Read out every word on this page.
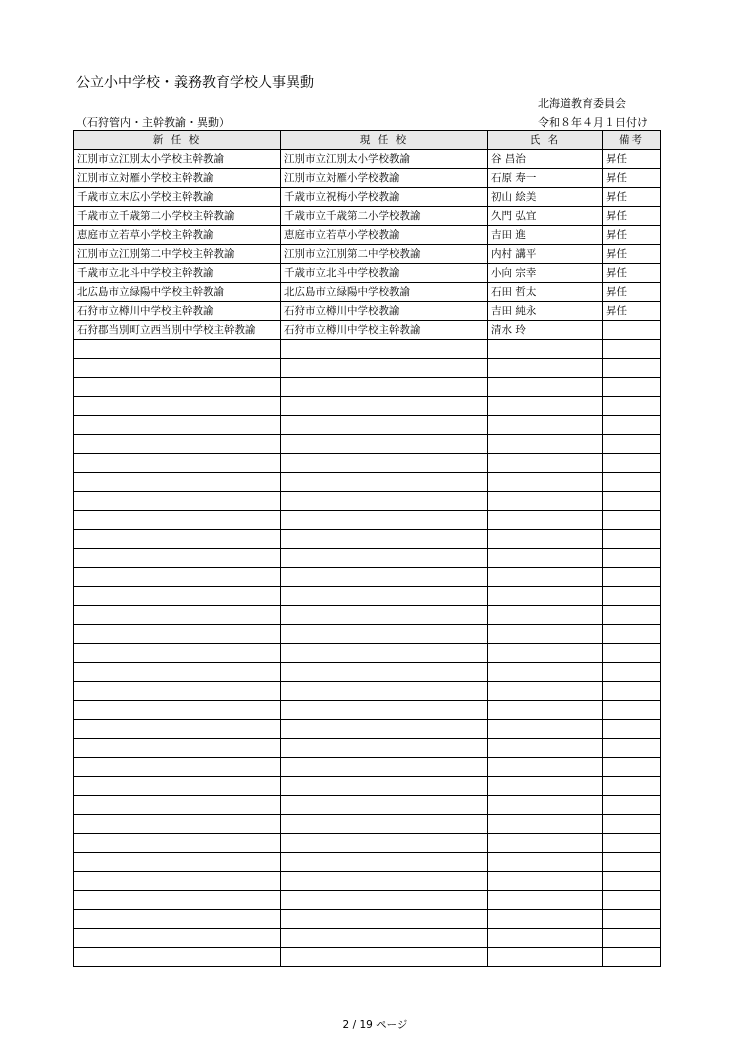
公立小中学校・義務教育学校人事異動
北海道教育委員会
（石狩管内・主幹教諭・異動）	令和８年４月１日付け
新 任 校	現 任 校	氏 名	備考
江別市立江別太小学校主幹教諭	江別市立江別太小学校教諭	谷 昌治	昇任
江別市立対雁小学校主幹教諭	江別市立対雁小学校教諭	石原 寿一	昇任
千歳市立末広小学校主幹教諭	千歳市立祝梅小学校教諭	初山 絵美	昇任
千歳市立千歳第二小学校主幹教諭	千歳市立千歳第二小学校教諭	久門 弘宜	昇任
恵庭市立若草小学校主幹教諭	恵庭市立若草小学校教諭	吉田 進	昇任
江別市立江別第二中学校主幹教諭	江別市立江別第二中学校教諭	内村 講平	昇任
千歳市立北斗中学校主幹教諭	千歳市立北斗中学校教諭	小向 宗幸	昇任
北広島市立緑陽中学校主幹教諭	北広島市立緑陽中学校教諭	石田 哲太	昇任
石狩市立樽川中学校主幹教諭	石狩市立樽川中学校教諭	吉田 純永	昇任
石狩郡当別町立西当別中学校主幹教諭	石狩市立樽川中学校主幹教諭	清水 玲	

2 / 19 ページ
